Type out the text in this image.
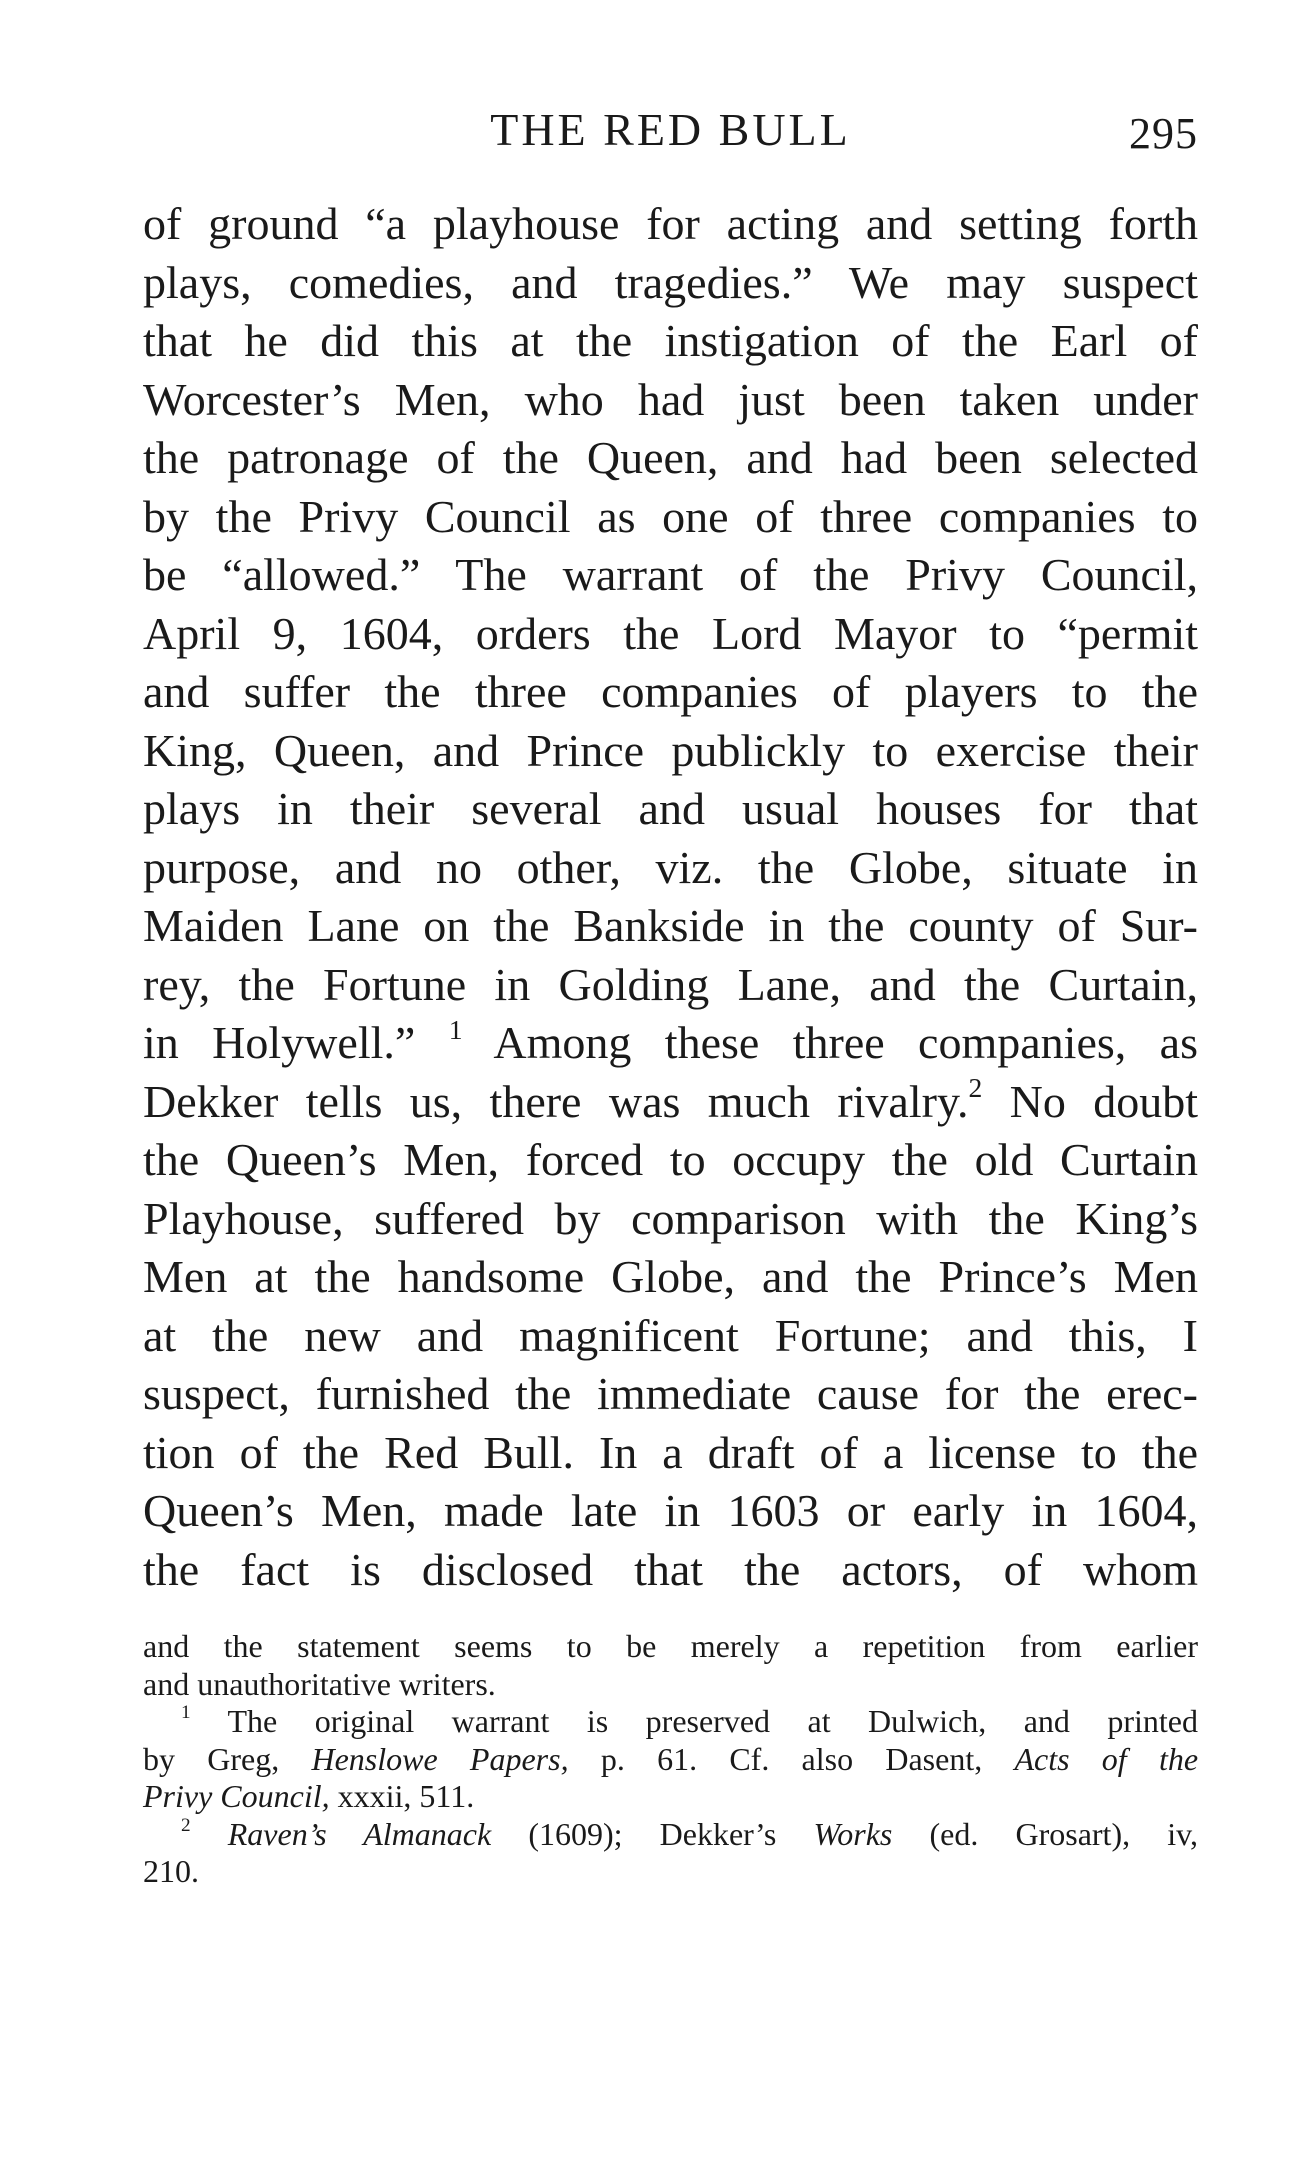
THE RED BULL	295
of ground “a playhouse for acting and setting forth
plays, comedies, and tragedies.” We may suspect
that he did this at the instigation of the Earl of
Worcester’s Men, who had just been taken under
the patronage of the Queen, and had been selected
by the Privy Council as one of three companies to
be “allowed.” The warrant of the Privy Council,
April 9, 1604, orders the Lord Mayor to “permit
and suffer the three companies of players to the
King, Queen, and Prince publickly to exercise their
plays in their several and usual houses for that
purpose, and no other, viz. the Globe, situate in
Maiden Lane on the Bankside in the county of Sur-
rey, the Fortune in Golding Lane, and the Curtain,
in Holywell.” $^1$ Among these three companies, as
Dekker tells us, there was much rivalry.$^2$ No doubt
the Queen’s Men, forced to occupy the old Curtain
Playhouse, suffered by comparison with the King’s
Men at the handsome Globe, and the Prince’s Men
at the new and magnificent Fortune; and this, I
suspect, furnished the immediate cause for the erec-
tion of the Red Bull. In a draft of a license to the
Queen’s Men, made late in 1603 or early in 1604,
the fact is disclosed that the actors, of whom
and the statement seems to be merely a repetition from earlier
and unauthoritative writers.
$^1$ The original warrant is preserved at Dulwich, and printed
by Greg, Henslowe Papers, p. 61. Cf. also Dasent, Acts of the
Privy Council, xxxii, 511.
$^2$ Raven’s Almanack (1609); Dekker’s Works (ed. Grosart), iv,
210.
